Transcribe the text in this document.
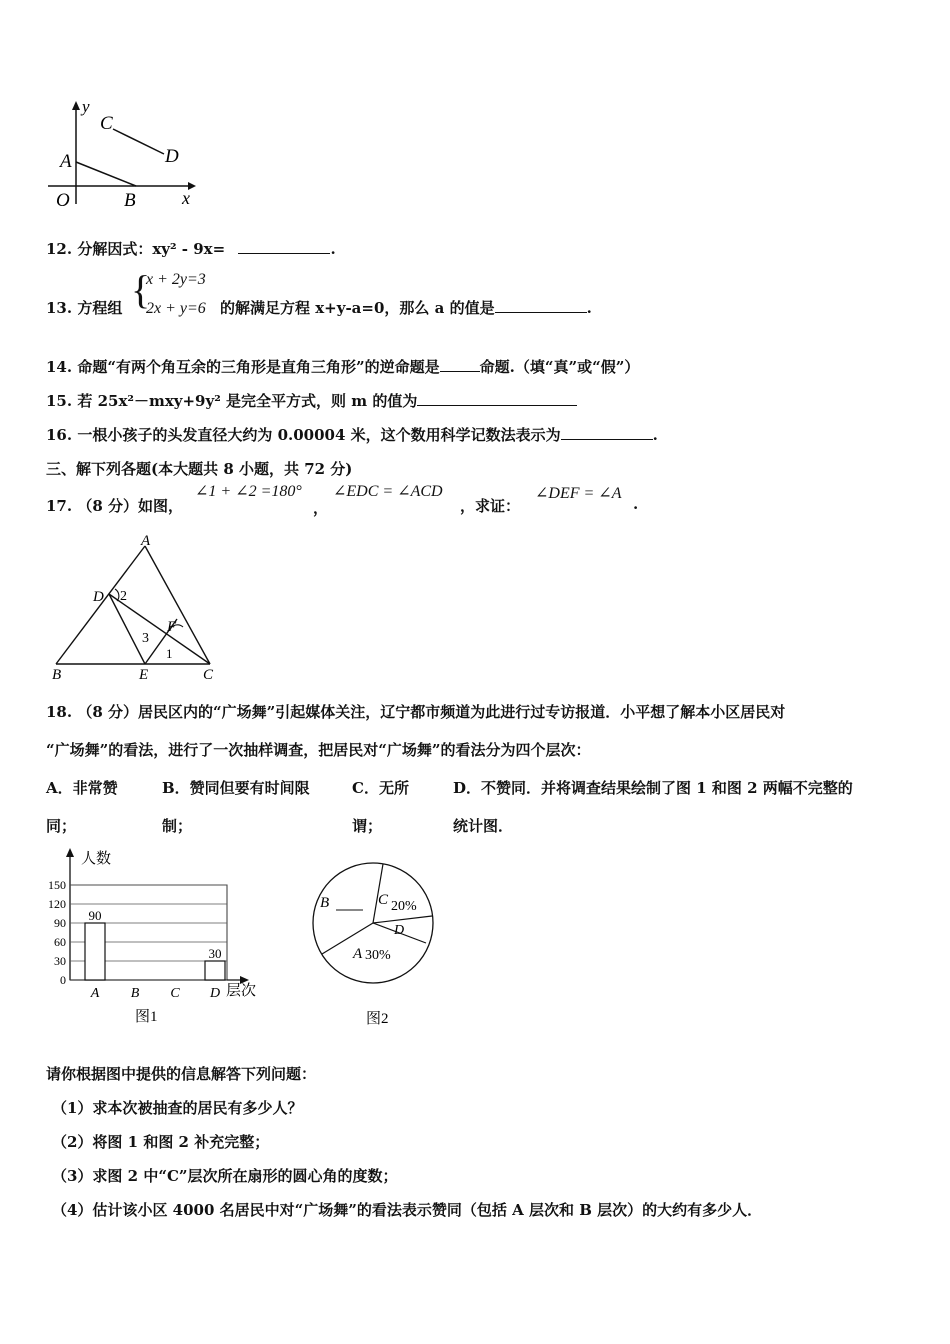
y
C
D
A
O	B	x
12. 分解因式：xy² - 9x=	.
13. 方程组 {
x + 2y=3
2x + y=6 的解满足方程 x+y-a=0，那么 a 的值是	.
14. 命题“有两个角互余的三角形是直角三角形”的逆命题是	命题.（填“真”或“假”）
15. 若 25x²－mxy+9y² 是完全平方式，则 m 的值为
16. 一根小孩子的头发直径大约为 0.00004 米，这个数用科学记数法表示为	.
三、解下列各题(本大题共 8 小题，共 72 分)
17. （8 分）如图，
∠1 + ∠2 =180°
，
∠EDC = ∠ACD
，求证：
∠DEF = ∠A
.
A
D 2
F
3
1
B	E	C
18. （8 分）居民区内的“广场舞”引起媒体关注，辽宁都市频道为此进行过专访报道．小平想了解本小区居民对
“广场舞”的看法，进行了一次抽样调查，把居民对“广场舞”的看法分为四个层次：
A．非常赞
同；
B．赞同但要有时间限
制；
C．无所
谓；
D．不赞同．并将调查结果绘制了图 1 和图 2 两幅不完整的
统计图．
人数
层次
图1
0
30
60
90
120
150
90
A B C
30
D
B	C 20%
D
A 30%
图2
请你根据图中提供的信息解答下列问题：
（1）求本次被抽查的居民有多少人？
（2）将图 1 和图 2 补充完整；
（3）求图 2 中“C”层次所在扇形的圆心角的度数；
（4）估计该小区 4000 名居民中对“广场舞”的看法表示赞同（包括 A 层次和 B 层次）的大约有多少人．
